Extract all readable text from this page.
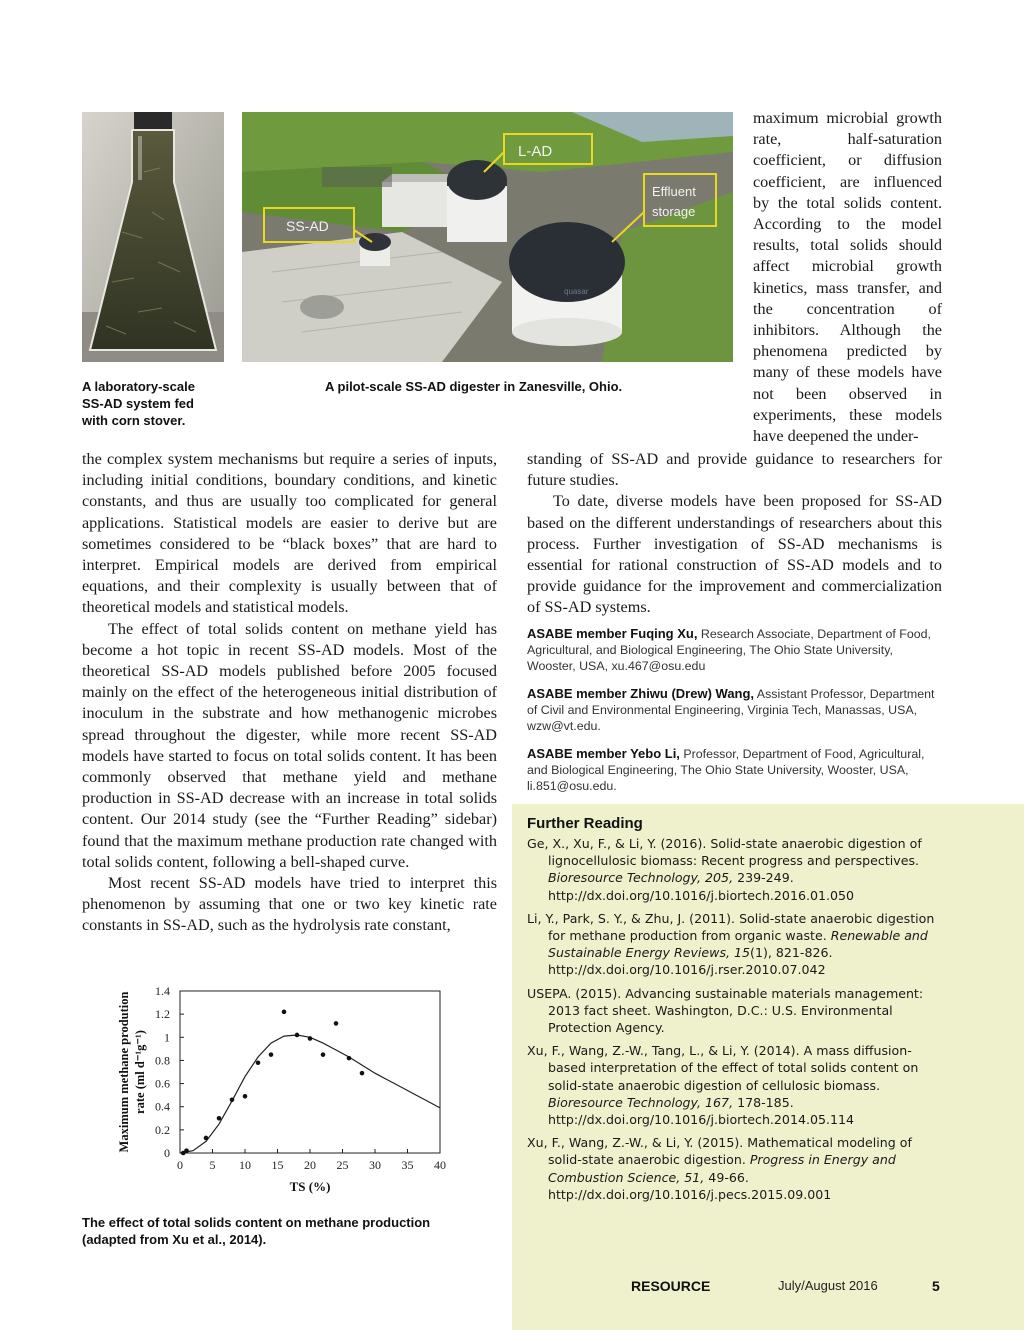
quasar
L-AD
Effluent
storage
SS-AD
A laboratory-scale
SS-AD system fed
with corn stover.
A pilot-scale SS-AD digester in Zanesville, Ohio.
maximum microbial growth rate, half-saturation coefficient, or diffusion coefficient, are influenced by the total solids content. According to the model results, total solids should affect microbial growth kinetics, mass transfer, and the concentration of inhibitors. Although the phenomena predicted by many of these models have not been observed in experiments, these models have deepened the under-

standing of SS-AD and provide guidance to researchers for future studies.

To date, diverse models have been proposed for SS-AD based on the different understandings of researchers about this process. Further investigation of SS-AD mechanisms is essential for rational construction of SS-AD models and to provide guidance for the improvement and commercialization of SS-AD systems.

ASABE member Fuqing Xu, Research Associate, Department of Food, Agricultural, and Biological Engineering, The Ohio State University, Wooster, USA, xu.467@osu.edu

ASABE member Zhiwu (Drew) Wang, Assistant Professor, Department of Civil and Environmental Engineering, Virginia Tech, Manassas, USA, wzw@vt.edu.

ASABE member Yebo Li, Professor, Department of Food, Agricultural, and Biological Engineering, The Ohio State University, Wooster, USA, li.851@osu.edu.

the complex system mechanisms but require a series of inputs, including initial conditions, boundary conditions, and kinetic constants, and thus are usually too complicated for general applications. Statistical models are easier to derive but are sometimes considered to be “black boxes” that are hard to interpret. Empirical models are derived from empirical equations, and their complexity is usually between that of theoretical models and statistical models.

The effect of total solids content on methane yield has become a hot topic in recent SS-AD models. Most of the theoretical SS-AD models published before 2005 focused mainly on the effect of the heterogeneous initial distribution of inoculum in the substrate and how methanogenic microbes spread throughout the digester, while more recent SS-AD models have started to focus on total solids content. It has been commonly observed that methane yield and methane production in SS-AD decrease with an increase in total solids content. Our 2014 study (see the “Further Reading” sidebar) found that the maximum methane production rate changed with total solids content, following a bell-shaped curve.

Most recent SS-AD models have tried to interpret this phenomenon by assuming that one or two key kinetic rate constants in SS-AD, such as the hydrolysis rate constant,

0
0.2
0.4
0.6
0.8
1
1.2
1.4
0 5 10 15 20 25 30 35 40
TS (%)
Maximum methane prodution rate (ml d⁻¹g⁻¹)
The effect of total solids content on methane production (adapted from Xu et al., 2014).
Further Reading

Ge, X., Xu, F., & Li, Y. (2016). Solid-state anaerobic digestion of lignocellulosic biomass: Recent progress and perspectives. Bioresource Technology, 205, 239-249. http://dx.doi.org/10.1016/j.biortech.2016.01.050

Li, Y., Park, S. Y., & Zhu, J. (2011). Solid-state anaerobic digestion for methane production from organic waste. Renewable and Sustainable Energy Reviews, 15(1), 821-826. http://dx.doi.org/10.1016/j.rser.2010.07.042

USEPA. (2015). Advancing sustainable materials management: 2013 fact sheet. Washington, D.C.: U.S. Environmental Protection Agency.

Xu, F., Wang, Z.-W., Tang, L., & Li, Y. (2014). A mass diffusion-based interpretation of the effect of total solids content on solid-state anaerobic digestion of cellulosic biomass. Bioresource Technology, 167, 178-185. http://dx.doi.org/10.1016/j.biortech.2014.05.114

Xu, F., Wang, Z.-W., & Li, Y. (2015). Mathematical modeling of solid-state anaerobic digestion. Progress in Energy and Combustion Science, 51, 49-66. http://dx.doi.org/10.1016/j.pecs.2015.09.001

RESOURCE	July/August 2016	5
